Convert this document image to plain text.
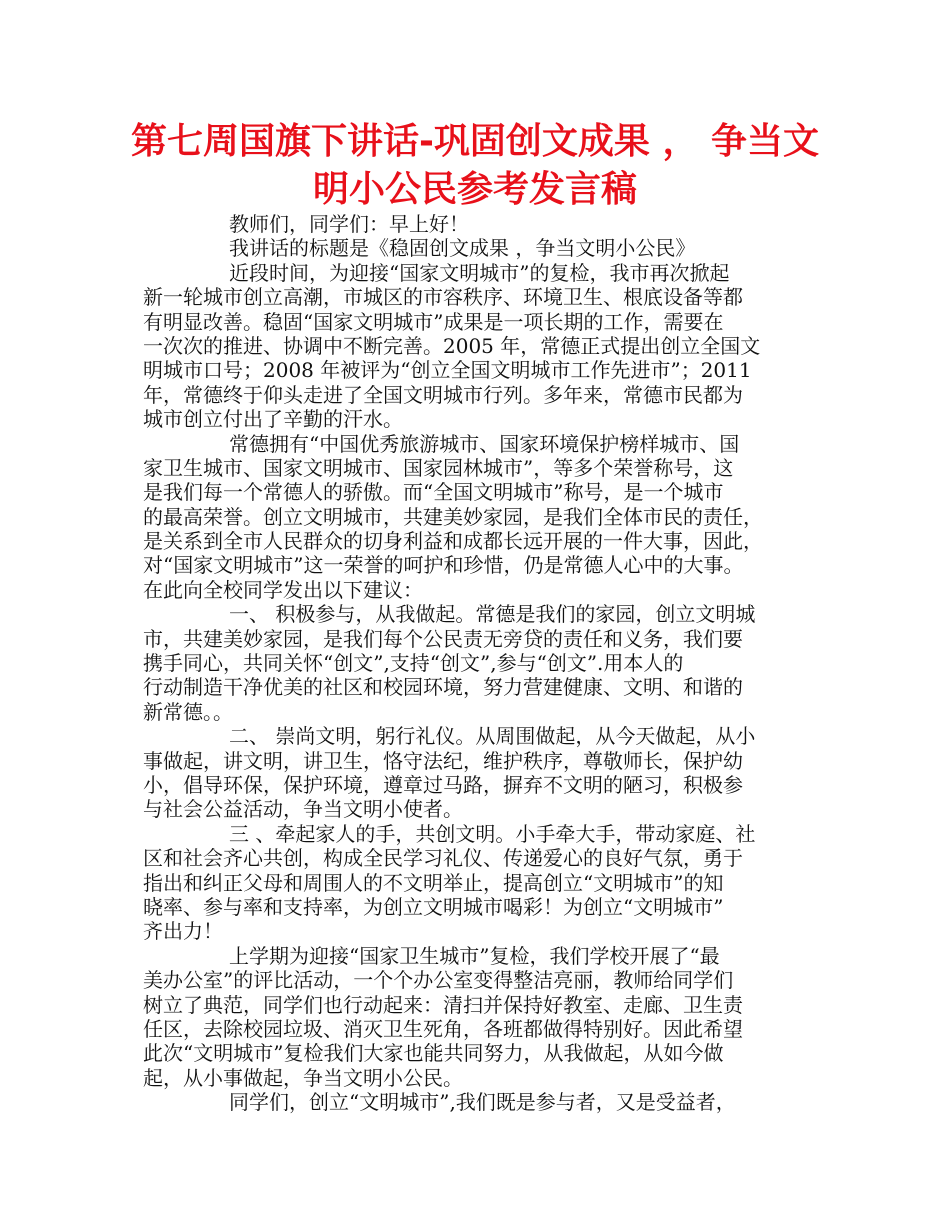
第七周国旗下讲话-巩固创文成果 ， 争当文
明小公民参考发言稿
教师们，同学们：早上好！
我讲话的标题是《稳固创文成果 ，争当文明小公民》
近段时间，为迎接“国家文明城市”的复检，我市再次掀起
新一轮城市创立高潮，市城区的市容秩序、环境卫生、根底设备等都
有明显改善。稳固“国家文明城市”成果是一项长期的工作，需要在
一次次的推进、协调中不断完善。2005 年，常德正式提出创立全国文
明城市口号；2008 年被评为“创立全国文明城市工作先进市”；2011
年，常德终于仰头走进了全国文明城市行列。多年来，常德市民都为
城市创立付出了辛勤的汗水。
常德拥有“中国优秀旅游城市、国家环境保护榜样城市、国
家卫生城市、国家文明城市、国家园林城市”，等多个荣誉称号，这
是我们每一个常德人的骄傲。而“全国文明城市”称号，是一个城市
的最高荣誉。创立文明城市，共建美妙家园，是我们全体市民的责任，
是关系到全市人民群众的切身利益和成都长远开展的一件大事，因此，
对“国家文明城市”这一荣誉的呵护和珍惜，仍是常德人心中的大事。
在此向全校同学发出以下建议：
一、 积极参与，从我做起。常德是我们的家园，创立文明城
市，共建美妙家园，是我们每个公民责无旁贷的责任和义务，我们要
携手同心，共同关怀“创文”,支持“创文”,参与“创文”.用本人的
行动制造干净优美的社区和校园环境，努力营建健康、文明、和谐的
新常德。。
二、 崇尚文明，躬行礼仪。从周围做起，从今天做起，从小
事做起，讲文明，讲卫生，恪守法纪，维护秩序，尊敬师长，保护幼
小，倡导环保，保护环境，遵章过马路，摒弃不文明的陋习，积极参
与社会公益活动，争当文明小使者。
三 、牵起家人的手，共创文明。小手牵大手，带动家庭、社
区和社会齐心共创，构成全民学习礼仪、传递爱心的良好气氛，勇于
指出和纠正父母和周围人的不文明举止，提高创立“文明城市”的知
晓率、参与率和支持率，为创立文明城市喝彩！为创立“文明城市”
齐出力！
上学期为迎接“国家卫生城市”复检，我们学校开展了“最
美办公室”的评比活动，一个个办公室变得整洁亮丽，教师给同学们
树立了典范，同学们也行动起来：清扫并保持好教室、走廊、卫生责
任区，去除校园垃圾、消灭卫生死角，各班都做得特别好。因此希望
此次“文明城市”复检我们大家也能共同努力，从我做起，从如今做
起，从小事做起，争当文明小公民。
同学们，创立“文明城市”,我们既是参与者，又是受益者，
